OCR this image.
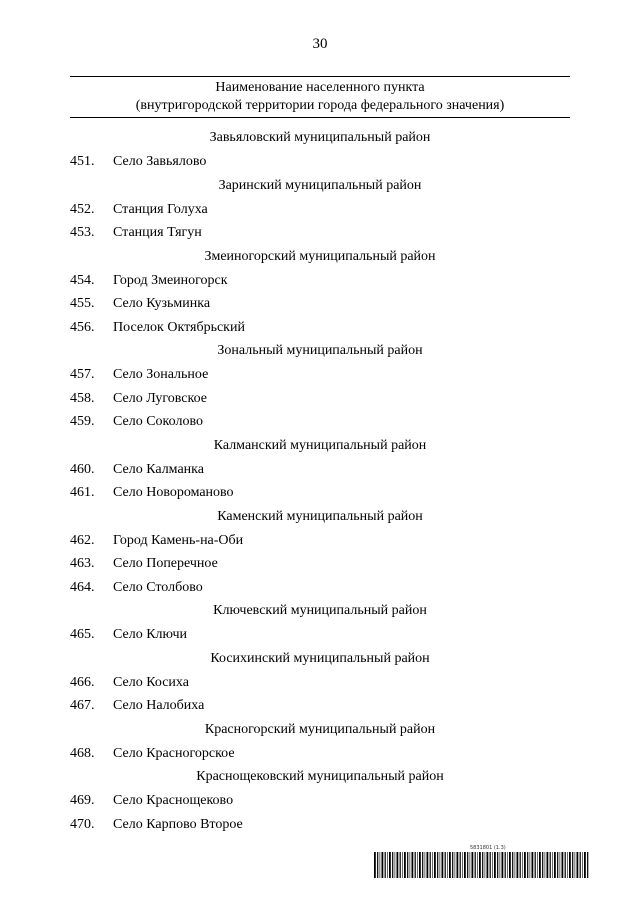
30
Наименование населенного пункта
(внутригородской территории города федерального значения)
Завьяловский муниципальный район
451. Село Завьялово
Заринский муниципальный район
452. Станция Голуха
453. Станция Тягун
Змеиногорский муниципальный район
454. Город Змеиногорск
455. Село Кузьминка
456. Поселок Октябрьский
Зональный муниципальный район
457. Село Зональное
458. Село Луговское
459. Село Соколово
Калманский муниципальный район
460. Село Калманка
461. Село Новороманово
Каменский муниципальный район
462. Город Камень-на-Оби
463. Село Поперечное
464. Село Столбово
Ключевский муниципальный район
465. Село Ключи
Косихинский муниципальный район
466. Село Косиха
467. Село Налобиха
Красногорский муниципальный район
468. Село Красногорское
Краснощековский муниципальный район
469. Село Краснощеково
470. Село Карпово Второе
5831801 (1.3)
